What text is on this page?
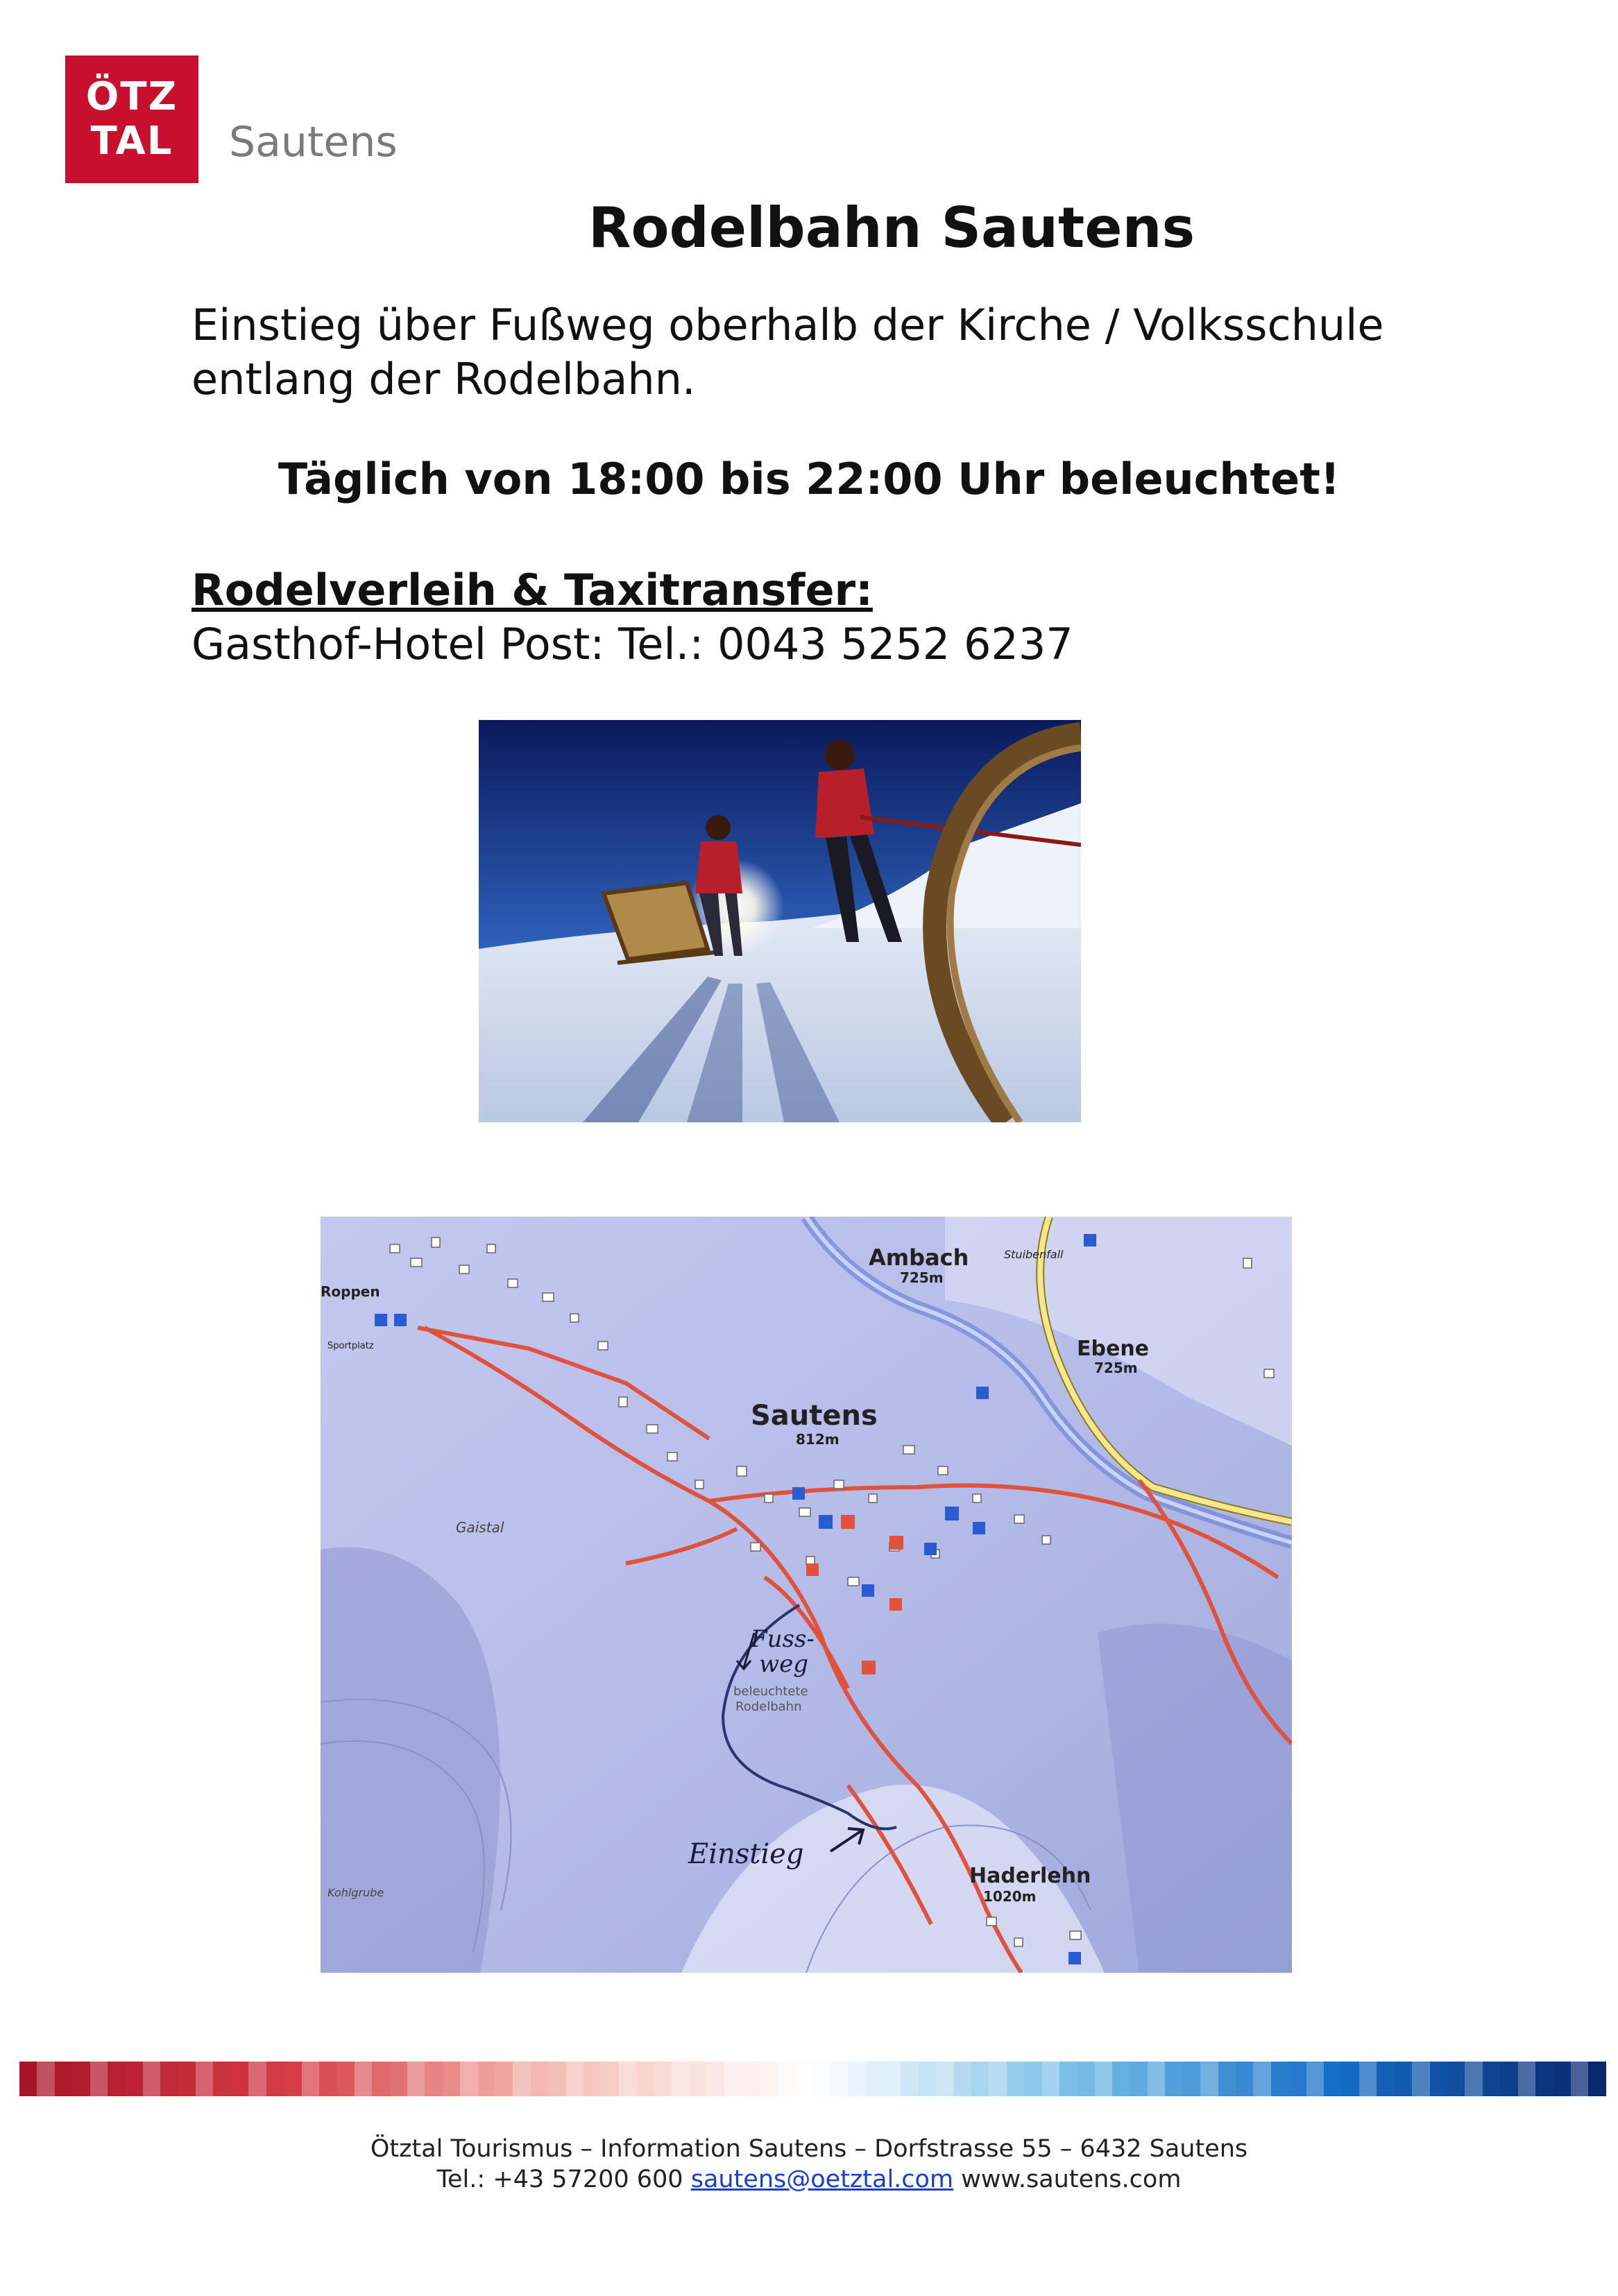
ÖTZ
TAL Sautens
Rodelbahn Sautens
Einstieg über Fußweg oberhalb der Kirche / Volksschule
entlang der Rodelbahn.
Täglich von 18:00 bis 22:00 Uhr beleuchtet!
Rodelverleih & Taxitransfer:
Gasthof-Hotel Post: Tel.: 0043 5252 6237
Roppen
Sportplatz
Ambach
725m
Stuibenfall
Ebene
725m
Sautens
812m
Gaistal
Haderlehn
1020m
Kohlgrube
beleuchtete
Rodelbahn
Fuss-
weg
Einstieg
Ötztal Tourismus – Information Sautens – Dorfstrasse 55 – 6432 Sautens
Tel.: +43 57200 600 sautens@oetztal.com www.sautens.com
